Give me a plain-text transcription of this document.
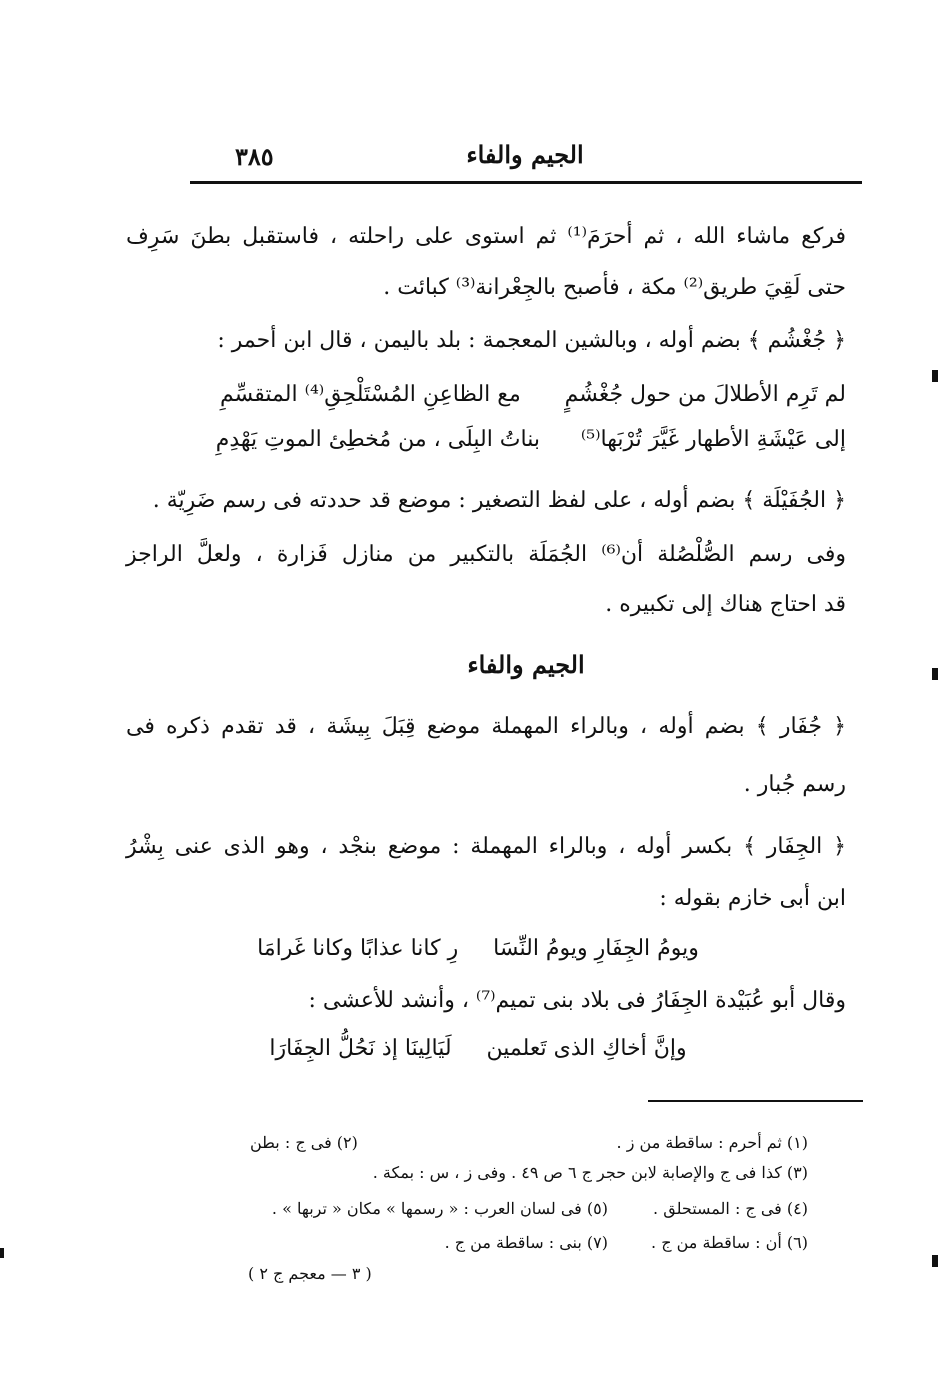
الجيم والفاء
٣٨٥
فركع ماشاء الله ، ثم أحرَمَ⁽¹⁾ ثم استوى على راحلته ، فاستقبل بطنَ سَرِف
حتى لَقِيَ طريق⁽²⁾ مكة ، فأصبح بالجِعْرانة⁽³⁾ كبائت .
﴿ جُغْشُم ﴾ بضم أوله ، وبالشين المعجمة : بلد باليمن ، قال ابن أحمر :
لم تَرِم الأطلالَ من حول جُغْشُمٍ
مع الظاعِنِ المُسْتَلْحِقِ⁽⁴⁾ المتقسِّمِ
إلى عَيْشَةِ الأطهار غَيَّرَ تُرْبَها⁽⁵⁾
بناتُ البِلَى ، من مُخطِئ الموتِ يَهْدِمِ
﴿ الجُفَيْلَة ﴾ بضم أوله ، على لفظ التصغير : موضع قد حددته فى رسم ضَرِيّة .
وفى رسم الصُّلْصُلة أن⁽⁶⁾ الجُمَلَة بالتكبير من منازل فَزارة ، ولعلَّ الراجز
قد احتاج هناك إلى تكبيره .
الجيم والفاء
﴿ جُفَار ﴾ بضم أوله ، وبالراء المهملة موضع قِبَلَ بِيشَة ، قد تقدم ذكره فى
رسم جُبار .
﴿ الجِفَار ﴾ بكسر أوله ، وبالراء المهملة : موضع بنجْد ، وهو الذى عنى بِشْرُ
ابن أبى خازم بقوله :
ويومُ الجِفَارِ ويومُ النِّسَا     رِ كانا عذابًا وكانا غَرامَا
وقال أبو عُبَيْدة الجِفَارُ فى بلاد بنى تميم⁽⁷⁾ ، وأنشد للأعشى :
وإنَّ أخاكِ الذى تَعلمين     لَيَالِينَا إذ نَحُلُّ الجِفَارَا
(١) ثم أحرم : ساقطة من ز .
(٢) فى ج : بطن
(٣) كذا فى ج والإصابة لابن حجر ج ٦ ص ٤٩ . وفى ز ، س : بمكة .
(٤) فى ج : المستحلق .
(٥) فى لسان العرب : « رسمها » مكان « تربها » .
(٦) أن : ساقطة من ج .
(٧) بنى : ساقطة من ج .
( ٣ — معجم ج ٢ )
